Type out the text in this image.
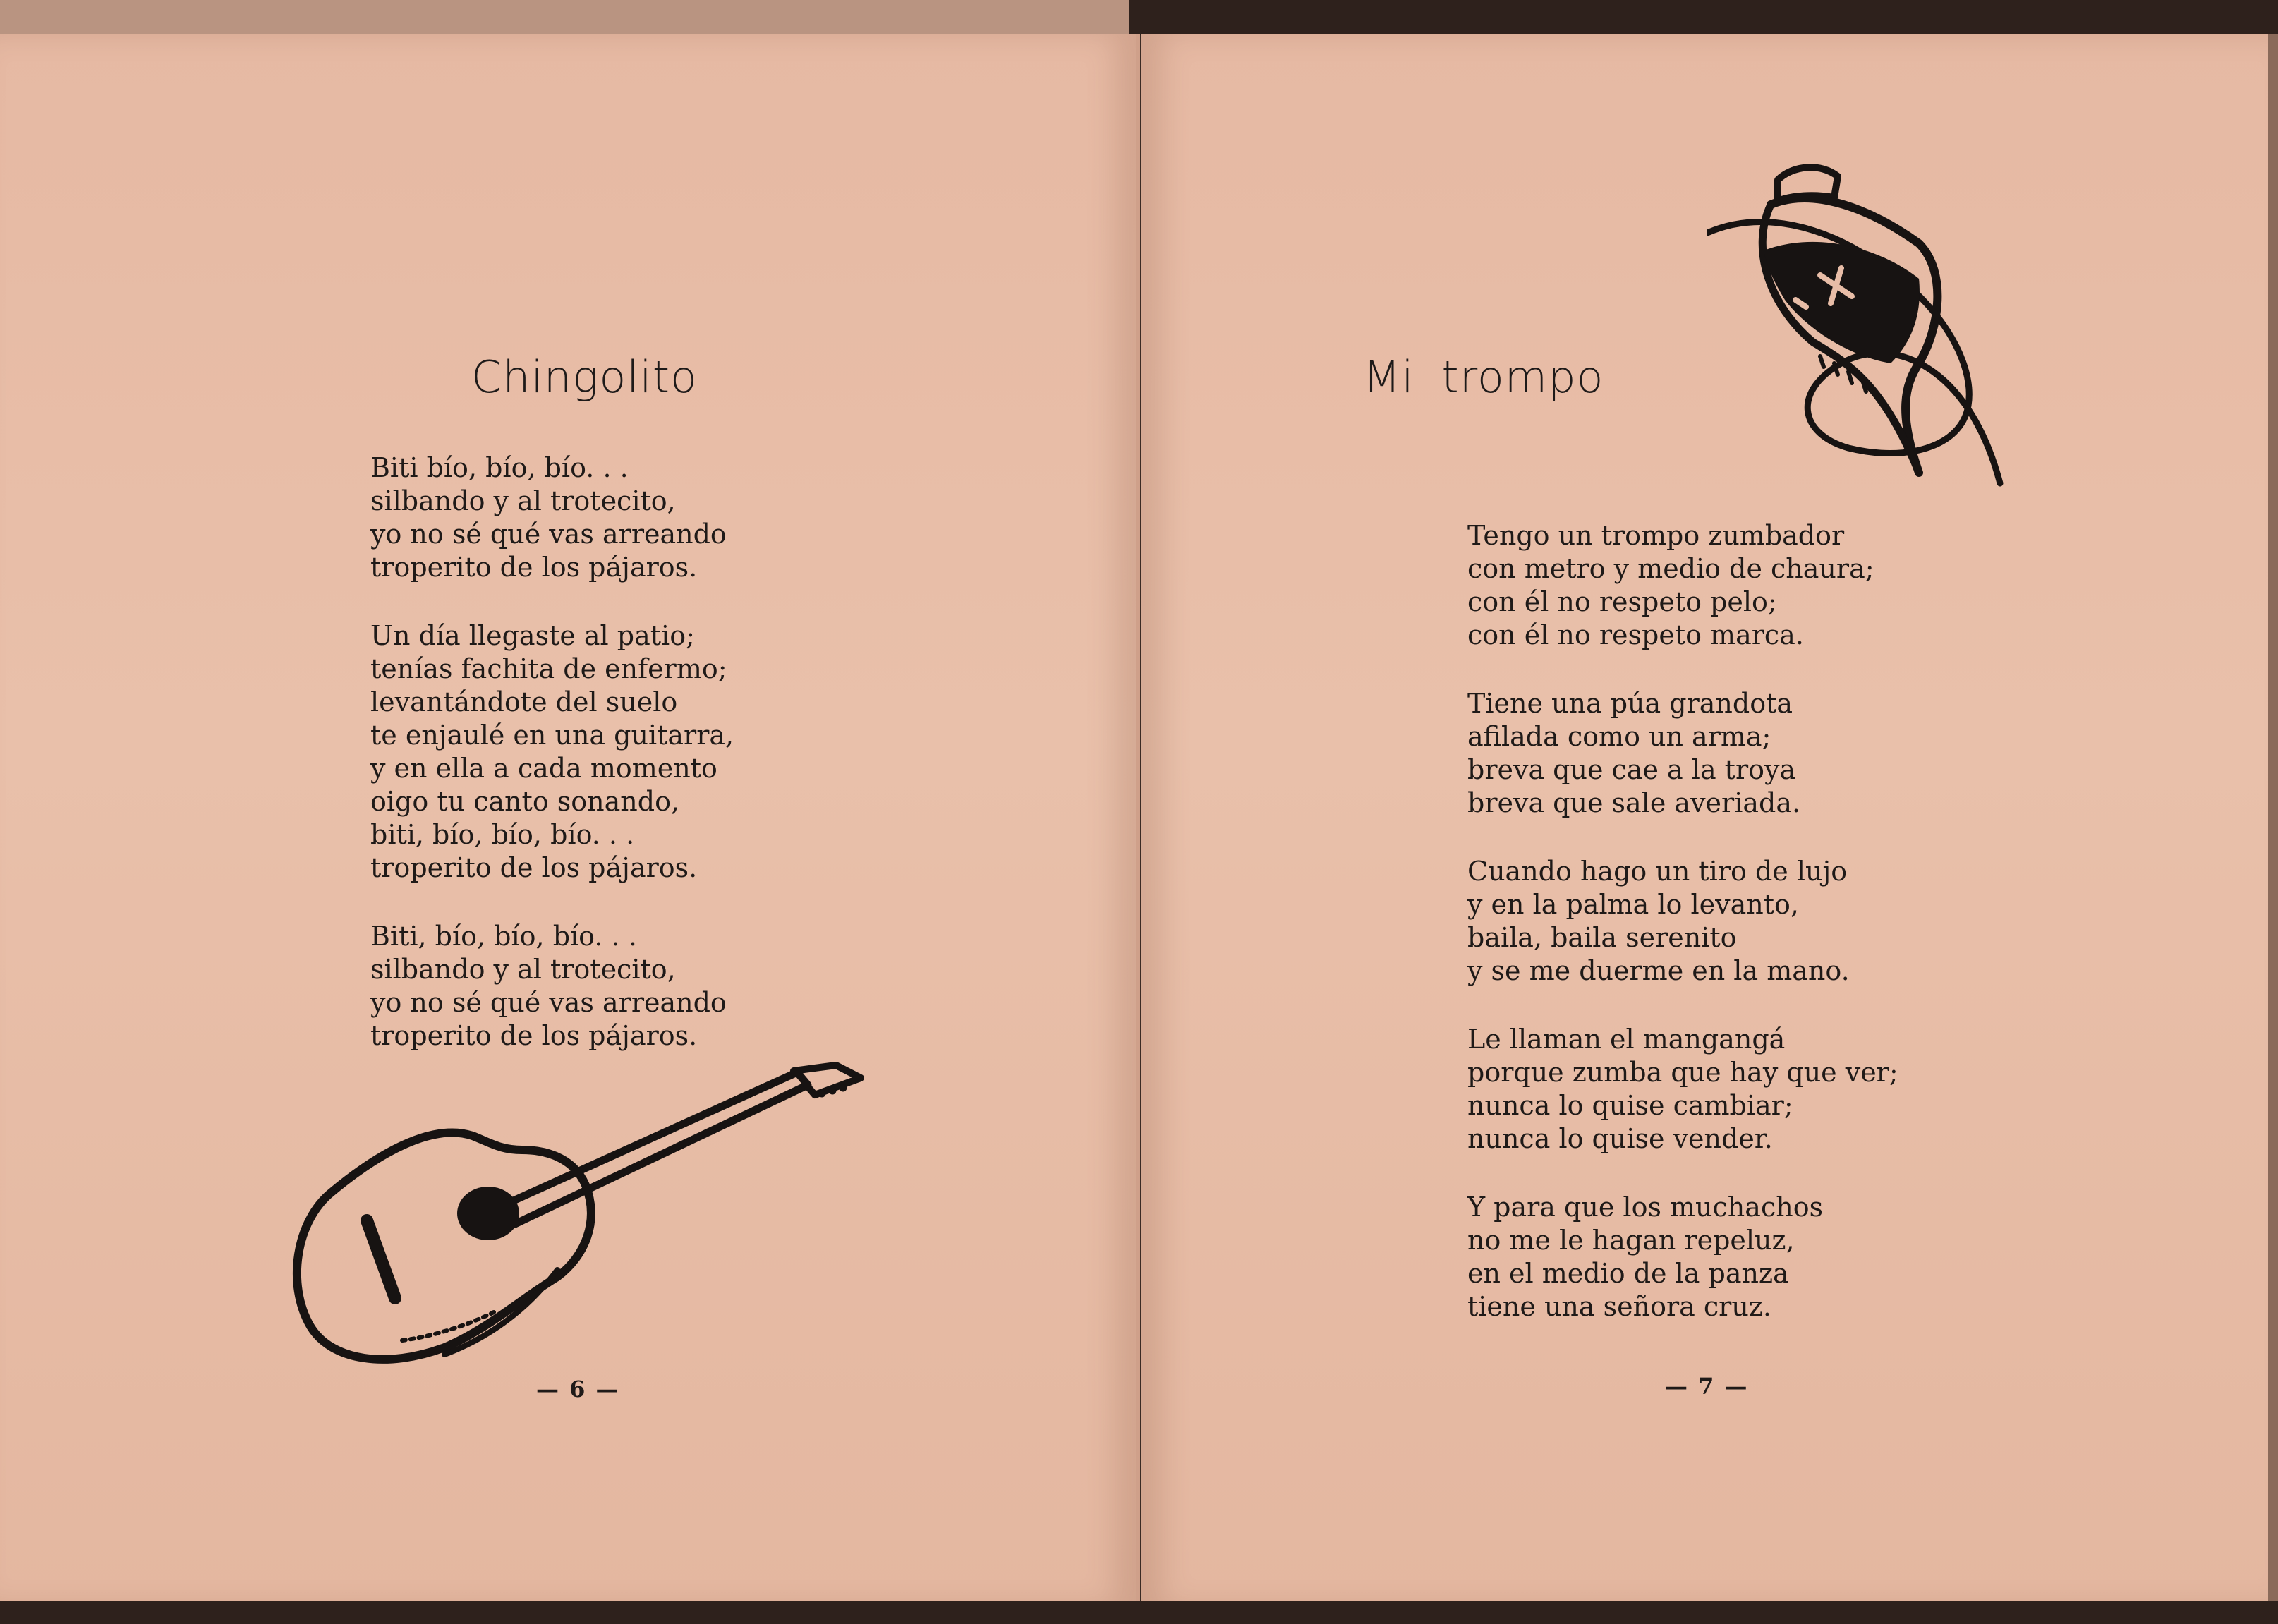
Chingolito
Biti bío, bío, bío. . .
silbando y al trotecito,
yo no sé qué vas arreando
troperito de los pájaros.
Un día llegaste al patio;
tenías fachita de enfermo;
levantándote del suelo
te enjaulé en una guitarra,
y en ella a cada momento
oigo tu canto sonando,
biti, bío, bío, bío. . .
troperito de los pájaros.
Biti, bío, bío, bío. . .
silbando y al trotecito,
yo no sé qué vas arreando
troperito de los pájaros.
— 6 —
Mi trompo
Tengo un trompo zumbador
con metro y medio de chaura;
con él no respeto pelo;
con él no respeto marca.
Tiene una púa grandota
afilada como un arma;
breva que cae a la troya
breva que sale averiada.
Cuando hago un tiro de lujo
y en la palma lo levanto,
baila, baila serenito
y se me duerme en la mano.
Le llaman el mangangá
porque zumba que hay que ver;
nunca lo quise cambiar;
nunca lo quise vender.
Y para que los muchachos
no me le hagan repeluz,
en el medio de la panza
tiene una señora cruz.
— 7 —
